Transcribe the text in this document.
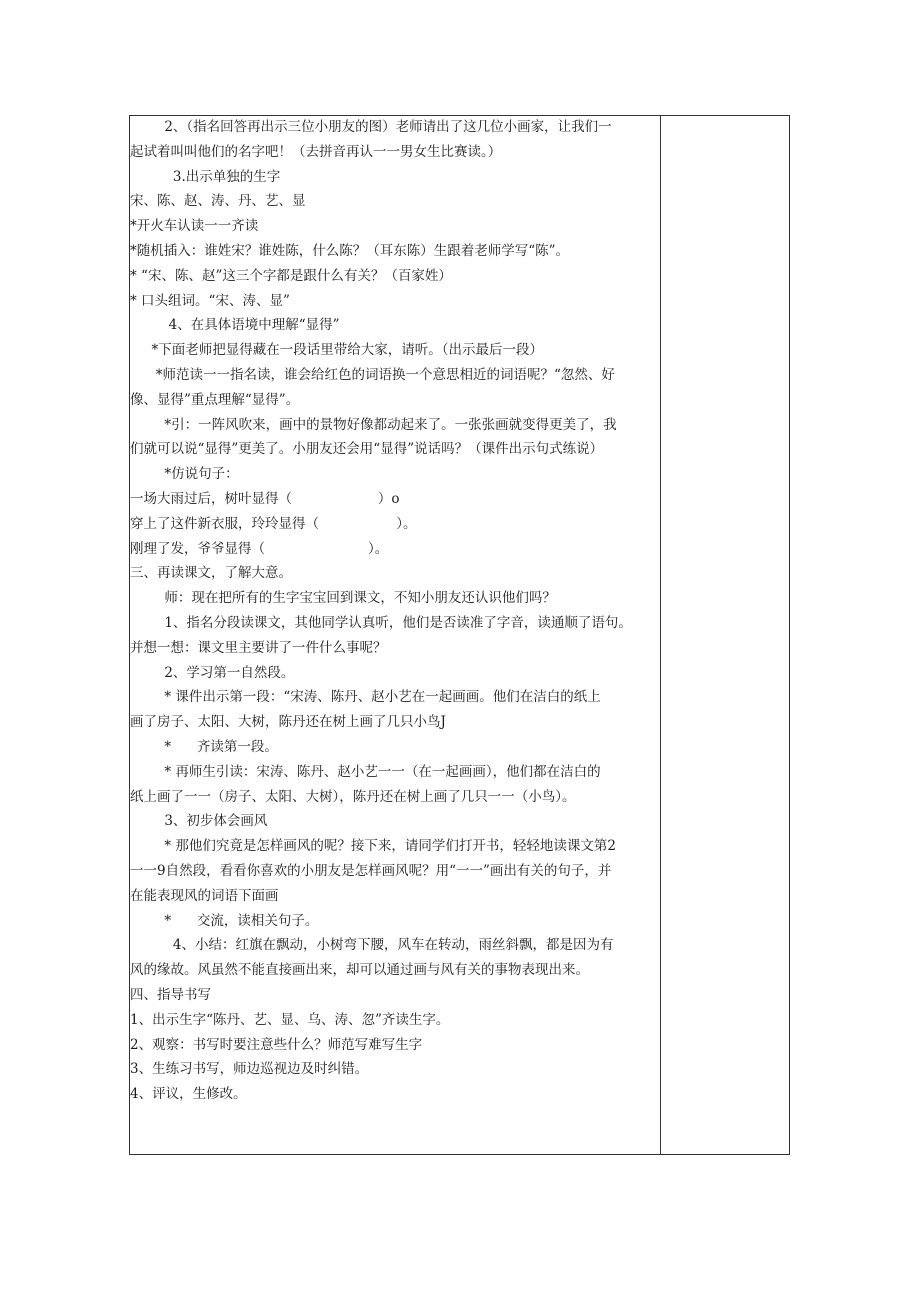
2、（指名回答再出示三位小朋友的图）老师请出了这几位小画家，让我们一
起试着叫叫他们的名字吧！（去拼音再认一一男女生比赛读。）
3.出示单独的生字
宋、陈、赵、涛、丹、艺、显
*开火车认读一一齐读
*随机插入：谁姓宋？谁姓陈，什么陈？（耳东陈）生跟着老师学写“陈”。
* “宋、陈、赵”这三个字都是跟什么有关？（百家姓）
* 口头组词。“宋、涛、显”
4、在具体语境中理解“显得”
*下面老师把显得藏在一段话里带给大家，请听。（出示最后一段）
*师范读一一指名读，谁会给红色的词语换一个意思相近的词语呢？“忽然、好
像、显得”重点理解“显得”。
*引：一阵风吹来，画中的景物好像都动起来了。一张张画就变得更美了，我
们就可以说“显得”更美了。小朋友还会用“显得”说话吗？（课件出示句式练说）
*仿说句子：
一场大雨过后，树叶显得（                    ）o
穿上了这件新衣服，玲玲显得（                  ）。
刚理了发，爷爷显得（                        ）。
三、再读课文，了解大意。
师：现在把所有的生字宝宝回到课文，不知小朋友还认识他们吗？
1、指名分段读课文，其他同学认真听，他们是否读准了字音，读通顺了语句。
并想一想：课文里主要讲了一件什么事呢？
2、学习第一自然段。
* 课件出示第一段：“宋涛、陈丹、赵小艺在一起画画。他们在洁白的纸上
画了房子、太阳、大树，陈丹还在树上画了几只小鸟J
*      齐读第一段。
* 再师生引读：宋涛、陈丹、赵小艺一一（在一起画画），他们都在洁白的
纸上画了一一（房子、太阳、大树），陈丹还在树上画了几只一一（小鸟）。
3、初步体会画风
* 那他们究竟是怎样画风的呢？接下来，请同学们打开书，轻轻地读课文第2
一一9自然段，看看你喜欢的小朋友是怎样画风呢？用“一一”画出有关的句子，并
在能表现风的词语下面画
*      交流，读相关句子。
4、小结：红旗在飘动，小树弯下腰，风车在转动，雨丝斜飘，都是因为有
风的缘故。风虽然不能直接画出来，却可以通过画与风有关的事物表现出来。
四、指导书写
1、出示生字“陈丹、艺、显、乌、涛、忽”齐读生字。
2、观察：书写时要注意些什么？师范写难写生字
3、生练习书写，师边巡视边及时纠错。
4、评议，生修改。
